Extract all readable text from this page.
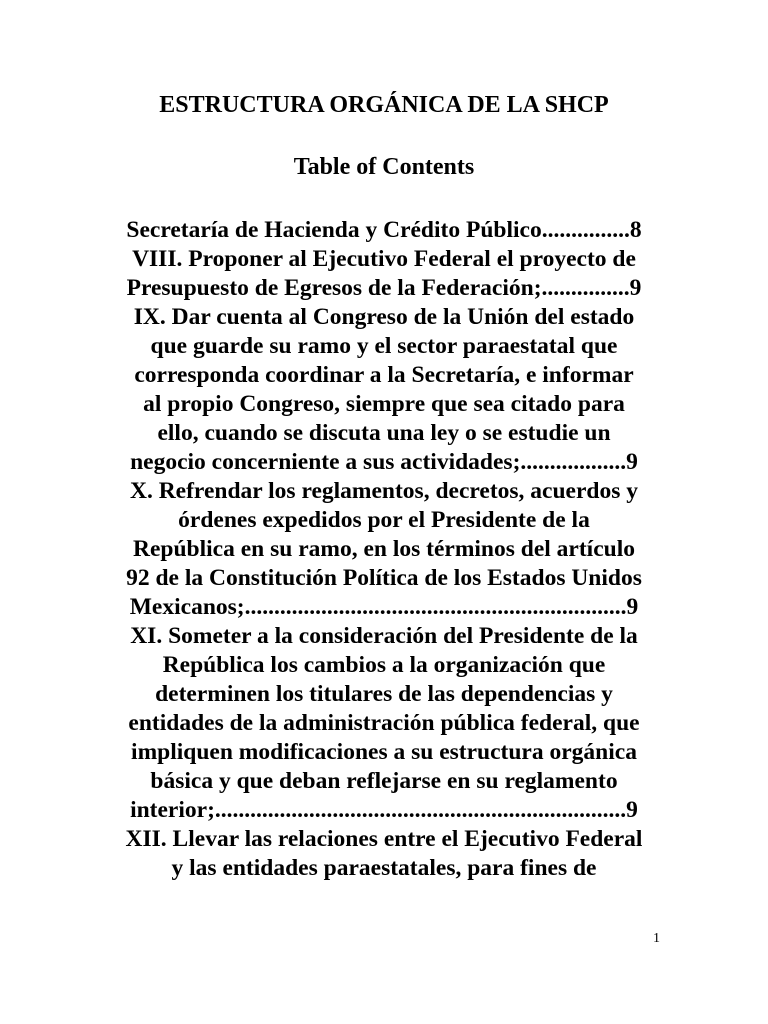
ESTRUCTURA ORGÁNICA DE LA SHCP
Table of Contents
Secretaría de Hacienda y Crédito Público...............8
VIII. Proponer al Ejecutivo Federal el proyecto de
Presupuesto de Egresos de la Federación;...............9
IX. Dar cuenta al Congreso de la Unión del estado
que guarde su ramo y el sector paraestatal que
corresponda coordinar a la Secretaría, e informar
al propio Congreso, siempre que sea citado para
ello, cuando se discuta una ley o se estudie un
negocio concerniente a sus actividades;..................9
X. Refrendar los reglamentos, decretos, acuerdos y
órdenes expedidos por el Presidente de la
República en su ramo, en los términos del artículo
92 de la Constitución Política de los Estados Unidos
Mexicanos;.................................................................9
XI. Someter a la consideración del Presidente de la
República los cambios a la organización que
determinen los titulares de las dependencias y
entidades de la administración pública federal, que
impliquen modificaciones a su estructura orgánica
básica y que deban reflejarse en su reglamento
interior;......................................................................9
XII. Llevar las relaciones entre el Ejecutivo Federal
y las entidades paraestatales, para fines de
1
